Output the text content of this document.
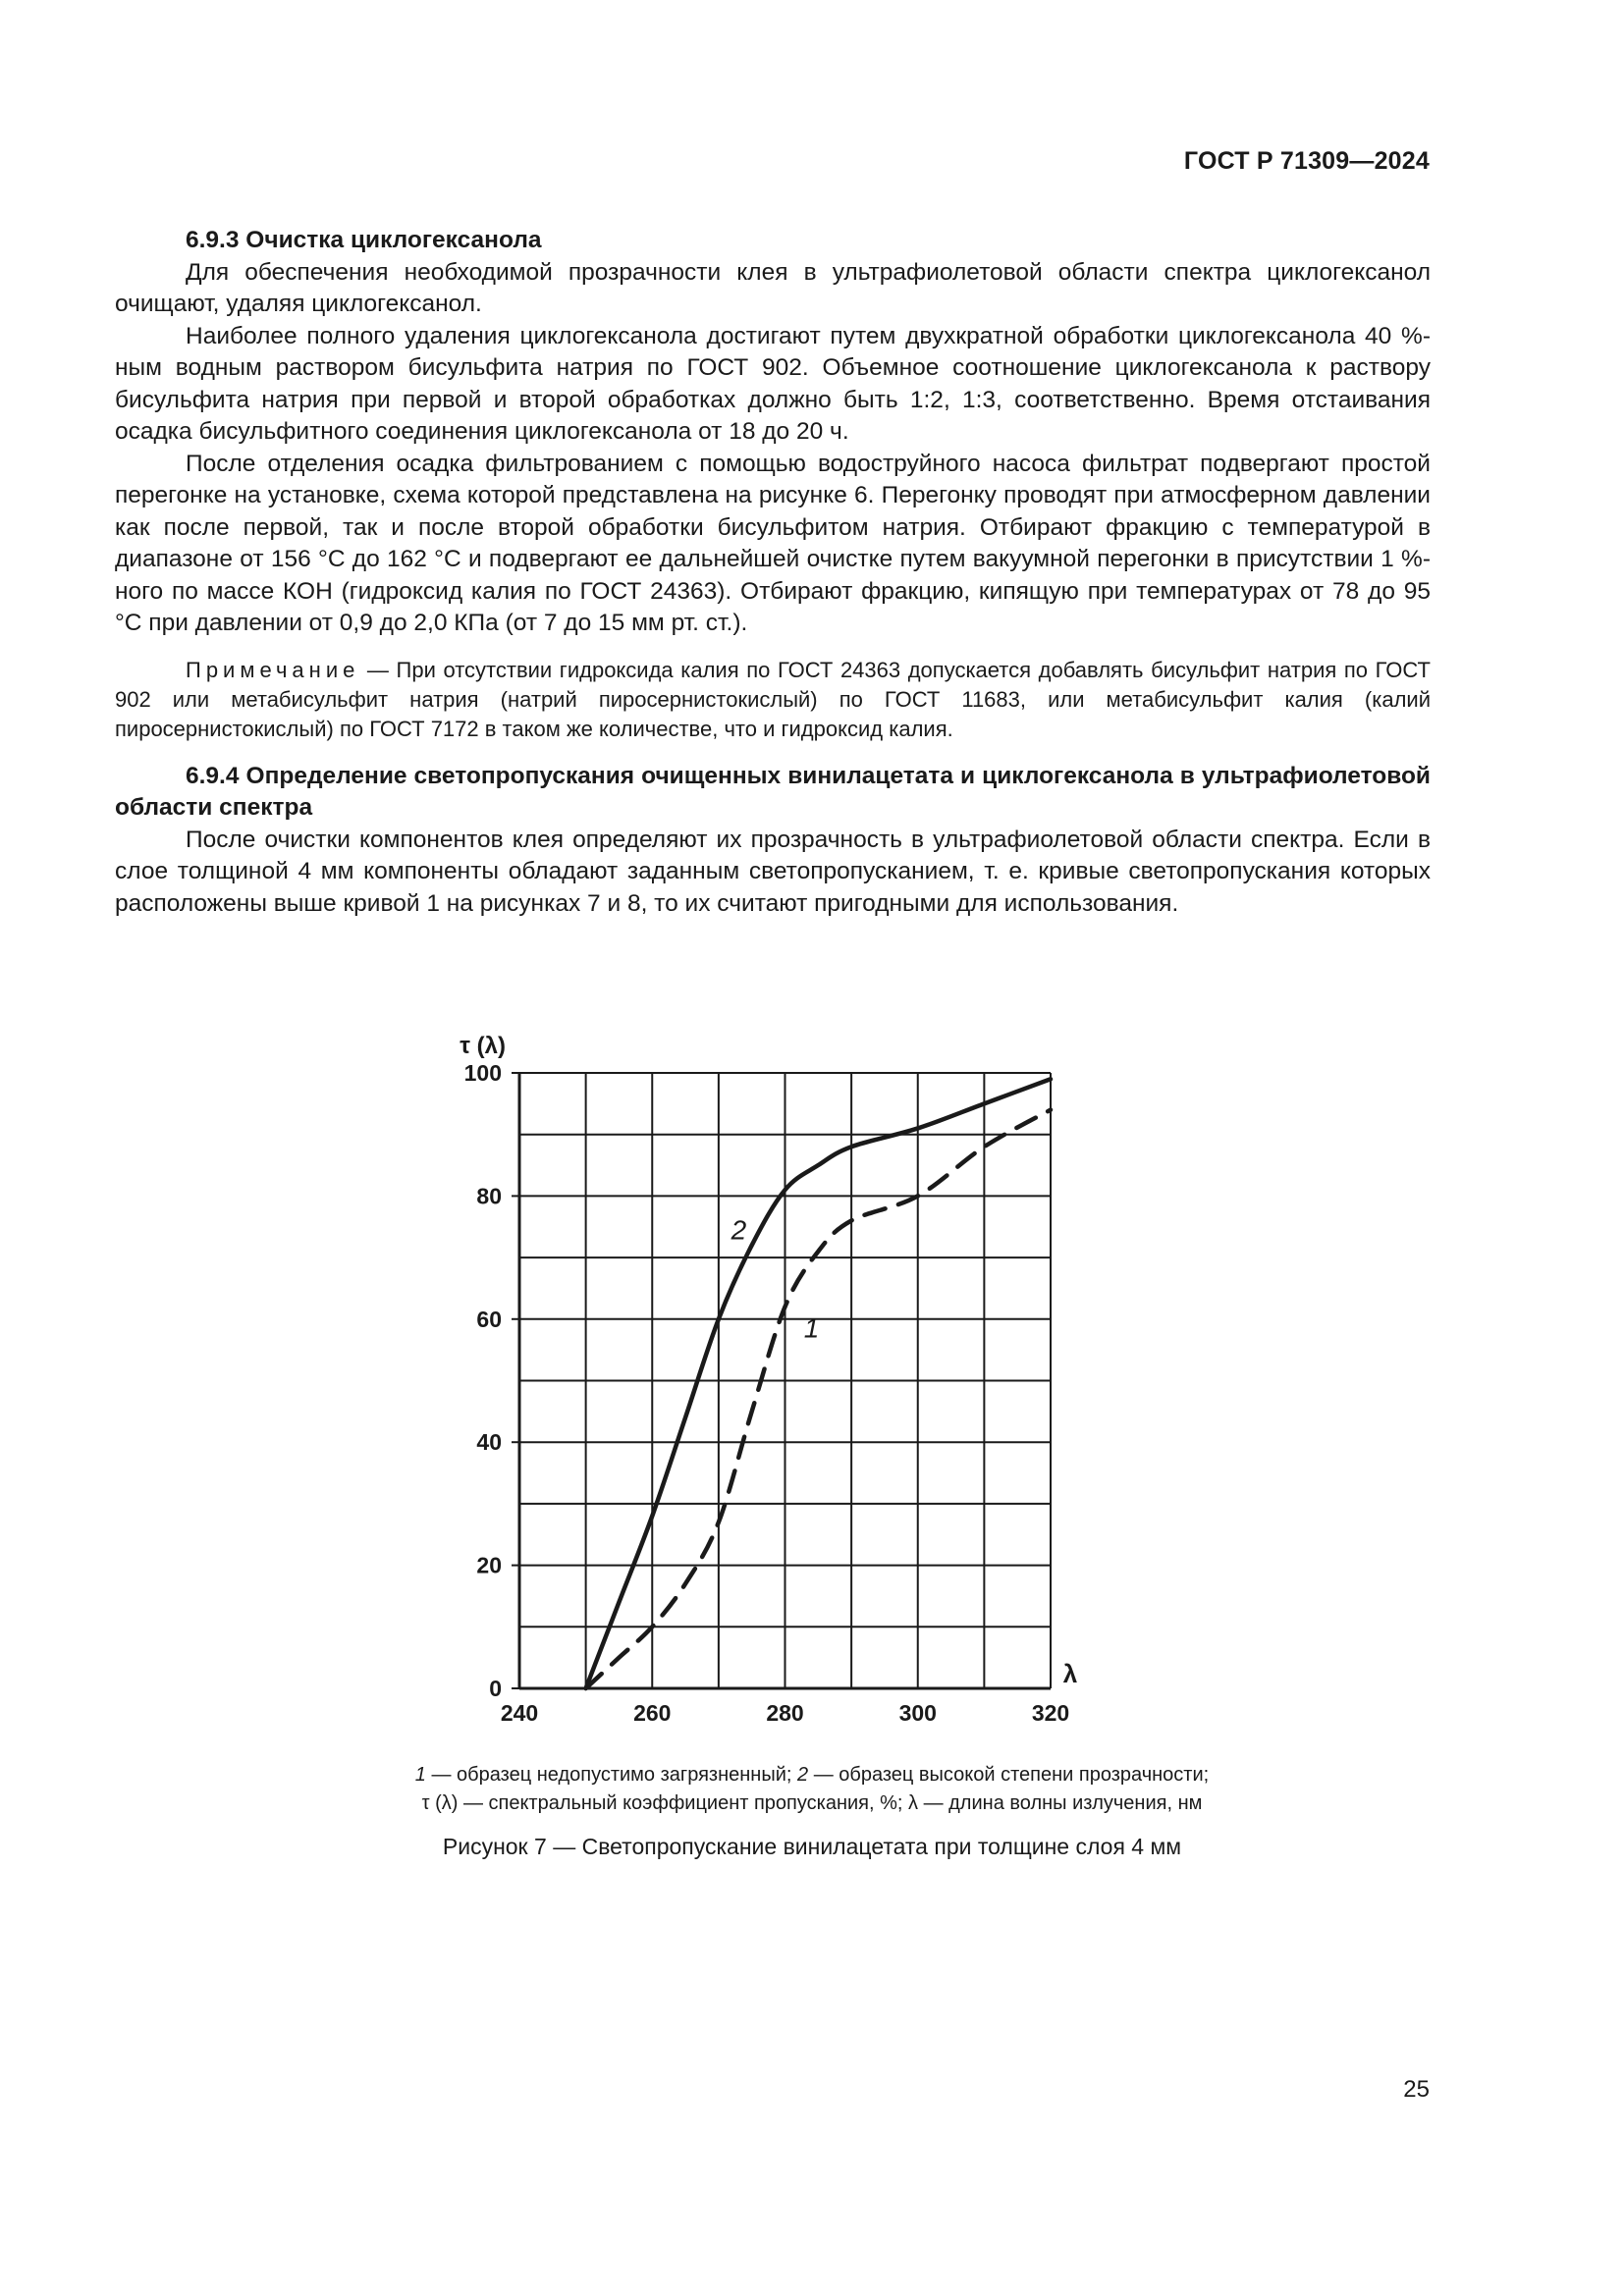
ГОСТ Р 71309—2024

6.9.3 Очистка циклогексанола

Для обеспечения необходимой прозрачности клея в ультрафиолетовой области спектра циклогексанол очищают, удаляя циклогексанол.

Наиболее полного удаления циклогексанола достигают путем двухкратной обработки циклогексанола 40 %-ным водным раствором бисульфита натрия по ГОСТ 902. Объемное соотношение циклогексанола к раствору бисульфита натрия при первой и второй обработках должно быть 1:2, 1:3, соответственно. Время отстаивания осадка бисульфитного соединения циклогексанола от 18 до 20 ч.

После отделения осадка фильтрованием с помощью водоструйного насоса фильтрат подвергают простой перегонке на установке, схема которой представлена на рисунке 6. Перегонку проводят при атмосферном давлении как после первой, так и после второй обработки бисульфитом натрия. Отбирают фракцию с температурой в диапазоне от 156 °С до 162 °С и подвергают ее дальнейшей очистке путем вакуумной перегонки в присутствии 1 %-ного по массе КОН (гидроксид калия по ГОСТ 24363). Отбирают фракцию, кипящую при температурах от 78 до 95 °С при давлении от 0,9 до 2,0 КПа (от 7 до 15 мм рт. ст.).

Примечание — При отсутствии гидроксида калия по ГОСТ 24363 допускается добавлять бисульфит натрия по ГОСТ 902 или метабисульфит натрия (натрий пиросернистокислый) по ГОСТ 11683, или метабисульфит калия (калий пиросернистокислый) по ГОСТ 7172 в таком же количестве, что и гидроксид калия.

6.9.4 Определение светопропускания очищенных винилацетата и циклогексанола в ультрафиолетовой области спектра

После очистки компонентов клея определяют их прозрачность в ультрафиолетовой области спектра. Если в слое толщиной 4 мм компоненты обладают заданным светопропусканием, т. е. кривые светопропускания которых расположены выше кривой 1 на рисунках 7 и 8, то их считают пригодными для использования.

0
20
40
60
80
100
240	260	280	300	320
τ (λ)
λ
2
1
1 — образец недопустимо загрязненный; 2 — образец высокой степени прозрачности;
τ (λ) — спектральный коэффициент пропускания, %; λ — длина волны излучения, нм
Рисунок 7 — Светопропускание винилацетата при толщине слоя 4 мм
25
